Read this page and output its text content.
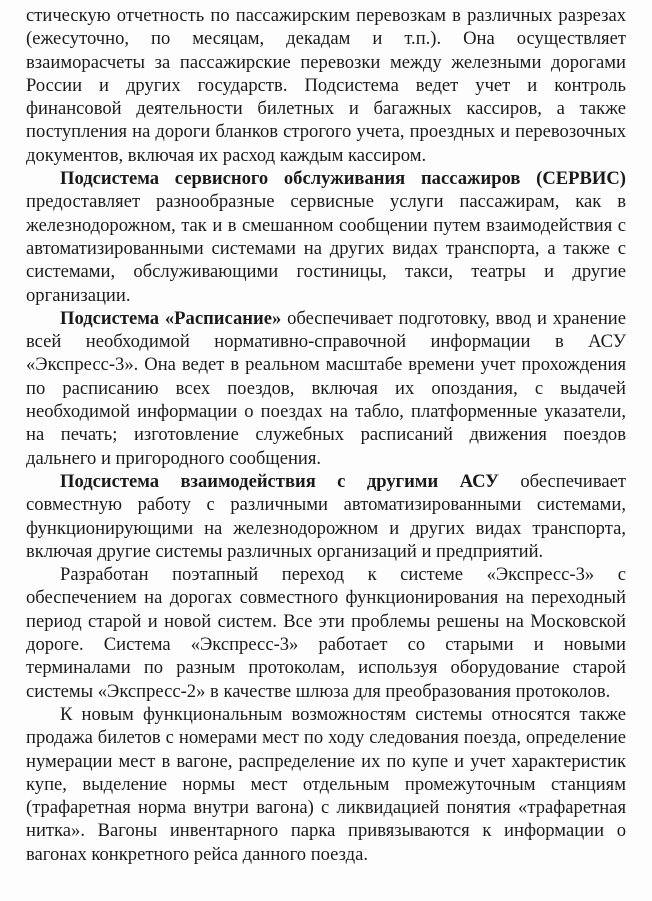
стическую отчетность по пассажирским перевозкам в различных разрезах (ежесуточно, по месяцам, декадам и т.п.). Она осуществляет взаиморасчеты за пассажирские перевозки между железными дорогами России и других государств. Подсистема ведет учет и контроль финансовой деятельности билетных и багажных кассиров, а также поступления на дороги бланков строгого учета, проездных и перевозочных документов, включая их расход каждым кассиром.

Подсистема сервисного обслуживания пассажиров (СЕРВИС) предоставляет разнообразные сервисные услуги пассажирам, как в железнодорожном, так и в смешанном сообщении путем взаимодействия с автоматизированными системами на других видах транспорта, а также с системами, обслуживающими гостиницы, такси, театры и другие организации.

Подсистема «Расписание» обеспечивает подготовку, ввод и хранение всей необходимой нормативно-справочной информации в АСУ «Экспресс-3». Она ведет в реальном масштабе времени учет прохождения по расписанию всех поездов, включая их опоздания, с выдачей необходимой информации о поездах на табло, платформенные указатели, на печать; изготовление служебных расписаний движения поездов дальнего и пригородного сообщения.

Подсистема взаимодействия с другими АСУ обеспечивает совместную работу с различными автоматизированными системами, функционирующими на железнодорожном и других видах транспорта, включая другие системы различных организаций и предприятий.

Разработан поэтапный переход к системе «Экспресс-3» с обеспечением на дорогах совместного функционирования на переходный период старой и новой систем. Все эти проблемы решены на Московской дороге. Система «Экспресс-3» работает со старыми и новыми терминалами по разным протоколам, используя оборудование старой системы «Экспресс-2» в качестве шлюза для преобразования протоколов.

К новым функциональным возможностям системы относятся также продажа билетов с номерами мест по ходу следования поезда, определение нумерации мест в вагоне, распределение их по купе и учет характеристик купе, выделение нормы мест отдельным промежуточным станциям (трафаретная норма внутри вагона) с ликвидацией понятия «трафаретная нитка». Вагоны инвентарного парка привязываются к информации о вагонах конкретного рейса данного поезда.
